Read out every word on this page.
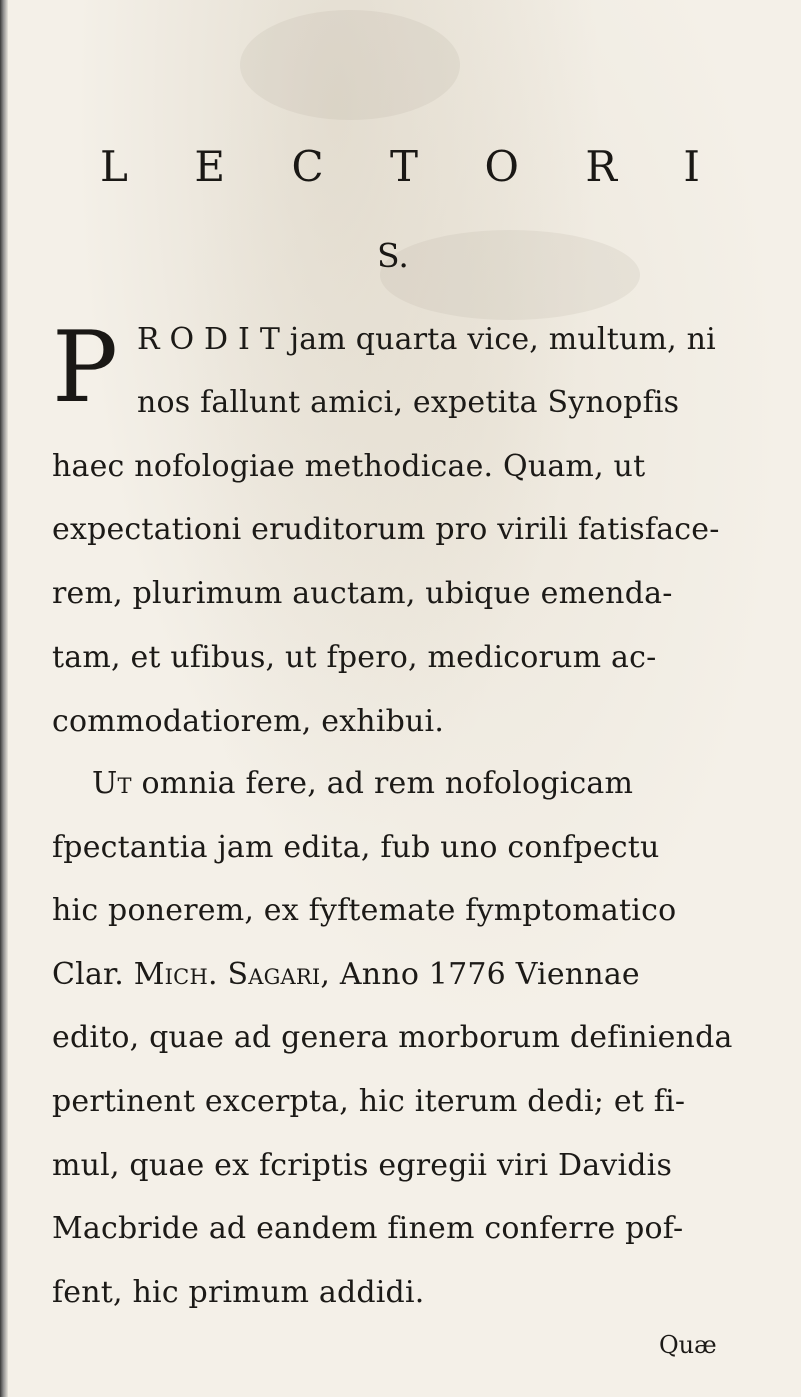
L E C T O R I
S.
P R O D I T jam quarta vice, multum, ni
nos fallunt amici, expetita Synopfis
haec nofologiae methodicae. Quam, ut
expectationi eruditorum pro virili fatisface-
rem, plurimum auctam, ubique emenda-
tam, et ufibus, ut fpero, medicorum ac-
commodatiorem, exhibui.
Ut omnia fere, ad rem nofologicam
fpectantia jam edita, fub uno confpectu
hic ponerem, ex fyftemate fymptomatico
Clar. Mich. Sagari, Anno 1776 Viennae
edito, quae ad genera morborum definienda
pertinent excerpta, hic iterum dedi; et fi-
mul, quae ex fcriptis egregii viri Davidis
Macbride ad eandem finem conferre pof-
fent, hic primum addidi.
Quæ
